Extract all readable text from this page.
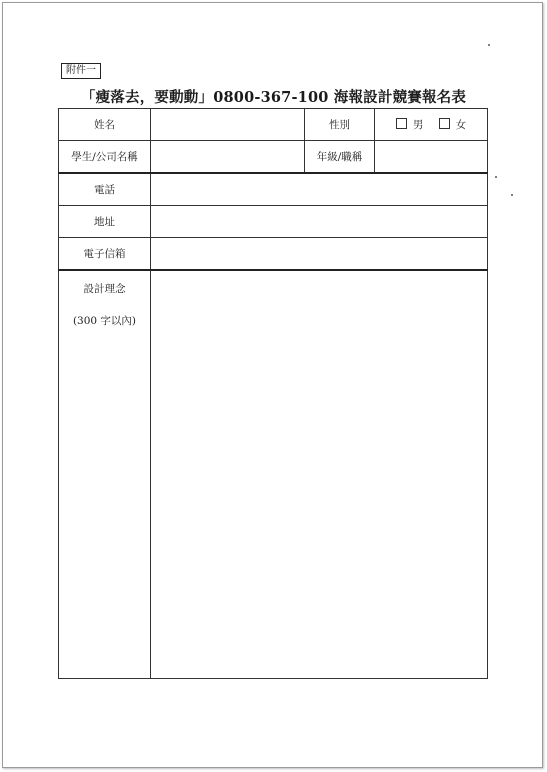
附件一
「瘦落去，要動動」0800-367-100 海報設計競賽報名表
姓名		性別	男 女
學生/公司名稱		年級/職稱	
電話			
地址			
電子信箱			

設計理念
(300 字以內)			
